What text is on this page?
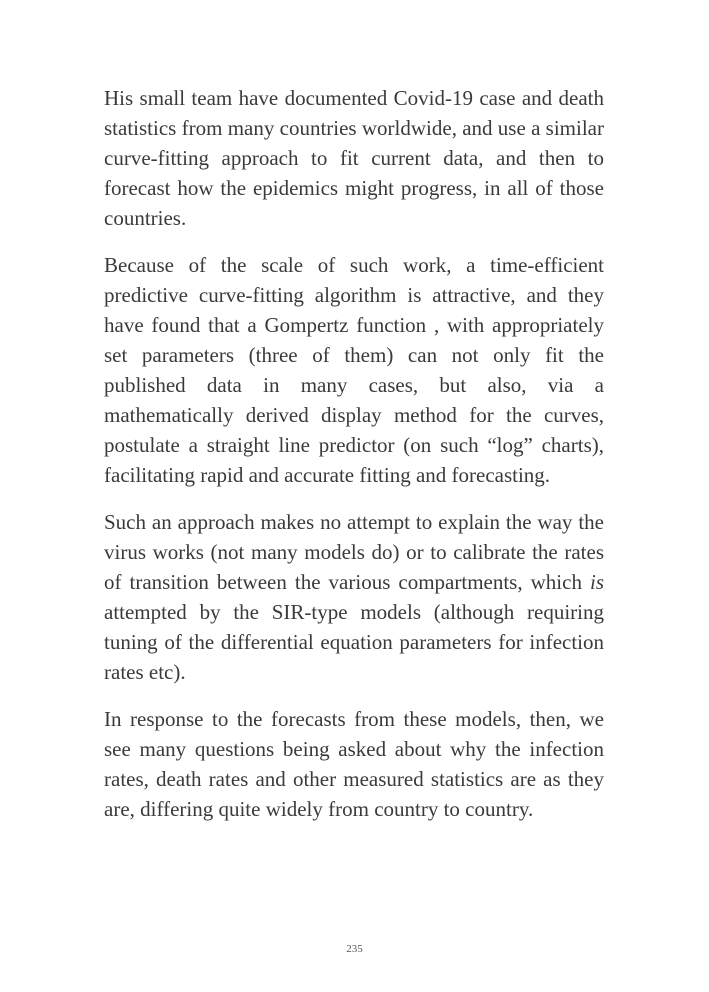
His small team have documented Covid-19 case and death statistics from many countries worldwide, and use a similar curve-fitting approach to fit current data, and then to forecast how the epidemics might progress, in all of those countries.

Because of the scale of such work, a time-efficient predictive curve-fitting algorithm is attractive, and they have found that a Gompertz function , with appropriately set parameters (three of them) can not only fit the published data in many cases, but also, via a mathematically derived display method for the curves, postulate a straight line predictor (on such “log” charts), facilitating rapid and accurate fitting and forecasting.

Such an approach makes no attempt to explain the way the virus works (not many models do) or to calibrate the rates of transition between the various compartments, which is attempted by the SIR-type models (although requiring tuning of the differential equation parameters for infection rates etc).

In response to the forecasts from these models, then, we see many questions being asked about why the infection rates, death rates and other measured statistics are as they are, differing quite widely from country to country.

235
